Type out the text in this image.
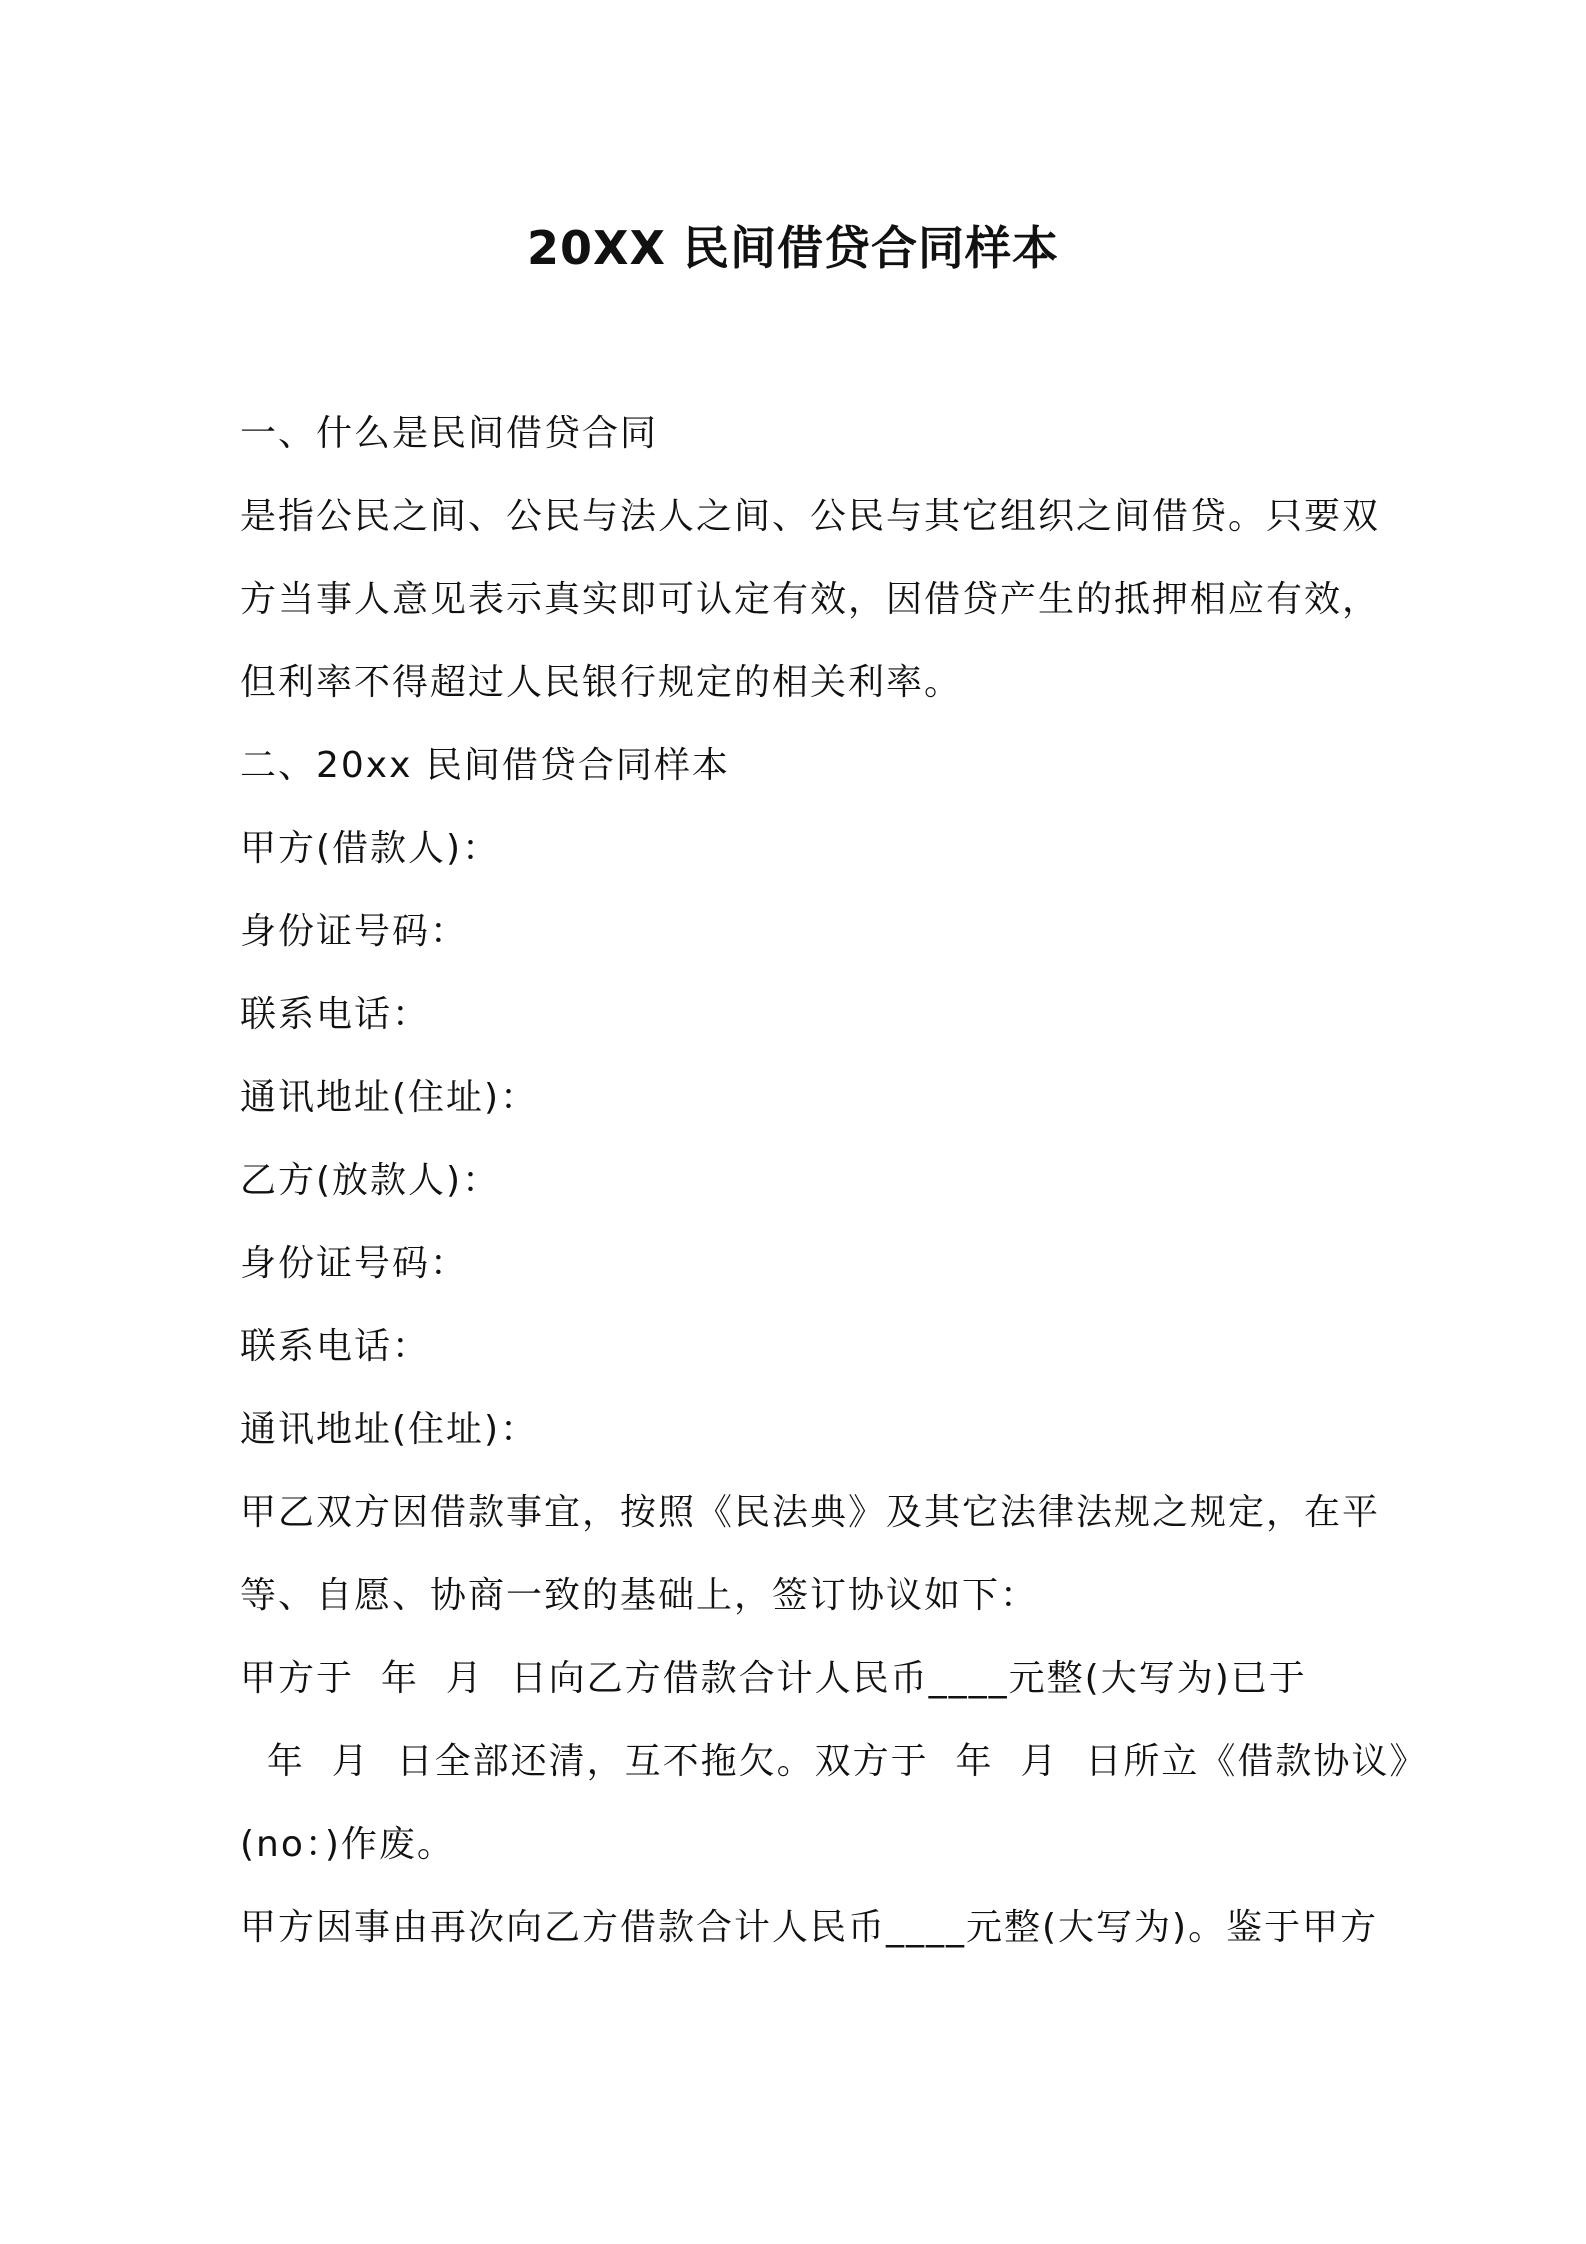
20XX 民间借贷合同样本
一、什么是民间借贷合同
是指公民之间、公民与法人之间、公民与其它组织之间借贷。只要双
方当事人意见表示真实即可认定有效，因借贷产生的抵押相应有效，
但利率不得超过人民银行规定的相关利率。
二、20xx 民间借贷合同样本
甲方(借款人)：
身份证号码：
联系电话：
通讯地址(住址)：
乙方(放款人)：
身份证号码：
联系电话：
通讯地址(住址)：
甲乙双方因借款事宜，按照《民法典》及其它法律法规之规定，在平
等、自愿、协商一致的基础上，签订协议如下：
甲方于  年  月  日向乙方借款合计人民币____元整(大写为)已于
年  月  日全部还清，互不拖欠。双方于  年  月  日所立《借款协议》
(no：)作废。
甲方因事由再次向乙方借款合计人民币____元整(大写为)。鉴于甲方
